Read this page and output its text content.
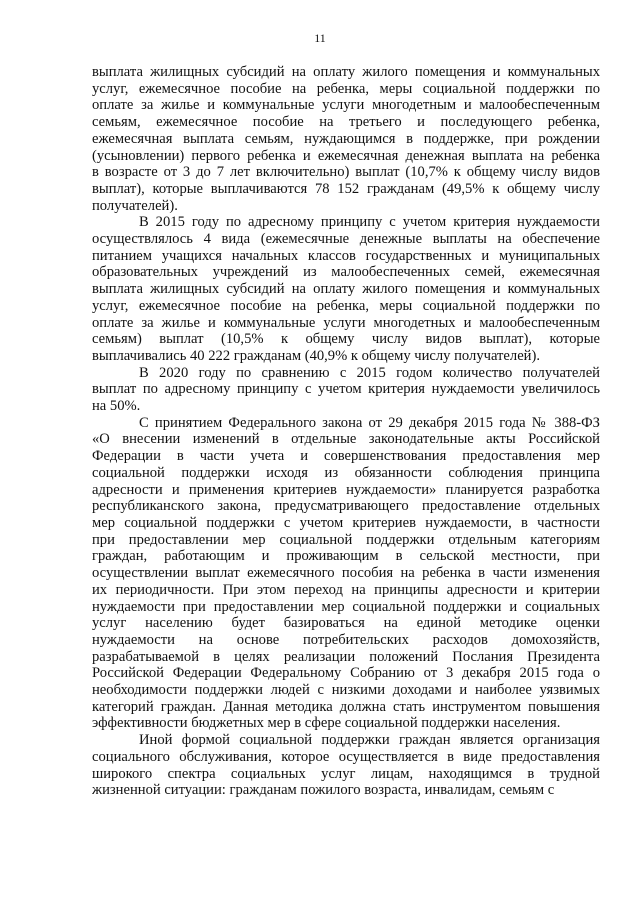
11

выплата жилищных субсидий на оплату жилого помещения и коммунальных
услуг, ежемесячное пособие на ребенка, меры социальной поддержки по
оплате за жилье и коммунальные услуги многодетным и малообеспеченным
семьям, ежемесячное пособие на третьего и последующего ребенка,
ежемесячная выплата семьям, нуждающимся в поддержке, при рождении
(усыновлении) первого ребенка и ежемесячная денежная выплата на ребенка
в возрасте от 3 до 7 лет включительно) выплат (10,7% к общему числу видов
выплат), которые выплачиваются 78 152 гражданам (49,5% к общему числу
получателей).

В 2015 году по адресному принципу с учетом критерия нуждаемости
осуществлялось 4 вида (ежемесячные денежные выплаты на обеспечение
питанием учащихся начальных классов государственных и муниципальных
образовательных учреждений из малообеспеченных семей, ежемесячная
выплата жилищных субсидий на оплату жилого помещения и коммунальных
услуг, ежемесячное пособие на ребенка, меры социальной поддержки по
оплате за жилье и коммунальные услуги многодетных и малообеспеченным
семьям) выплат (10,5% к общему числу видов выплат), которые
выплачивались 40 222 гражданам (40,9% к общему числу получателей).

В 2020 году по сравнению с 2015 годом количество получателей
выплат по адресному принципу с учетом критерия нуждаемости увеличилось
на 50%.

С принятием Федерального закона от 29 декабря 2015 года № 388-ФЗ
«О внесении изменений в отдельные законодательные акты Российской
Федерации в части учета и совершенствования предоставления мер
социальной поддержки исходя из обязанности соблюдения принципа
адресности и применения критериев нуждаемости» планируется разработка
республиканского закона, предусматривающего предоставление отдельных
мер социальной поддержки с учетом критериев нуждаемости, в частности
при предоставлении мер социальной поддержки отдельным категориям
граждан, работающим и проживающим в сельской местности, при
осуществлении выплат ежемесячного пособия на ребенка в части изменения
их периодичности. При этом переход на принципы адресности и критерии
нуждаемости при предоставлении мер социальной поддержки и социальных
услуг населению будет базироваться на единой методике оценки
нуждаемости на основе потребительских расходов домохозяйств,
разрабатываемой в целях реализации положений Послания Президента
Российской Федерации Федеральному Собранию от 3 декабря 2015 года о
необходимости поддержки людей с низкими доходами и наиболее уязвимых
категорий граждан. Данная методика должна стать инструментом повышения
эффективности бюджетных мер в сфере социальной поддержки населения.

Иной формой социальной поддержки граждан является организация
социального обслуживания, которое осуществляется в виде предоставления
широкого спектра социальных услуг лицам, находящимся в трудной
жизненной ситуации: гражданам пожилого возраста, инвалидам, семьям с
